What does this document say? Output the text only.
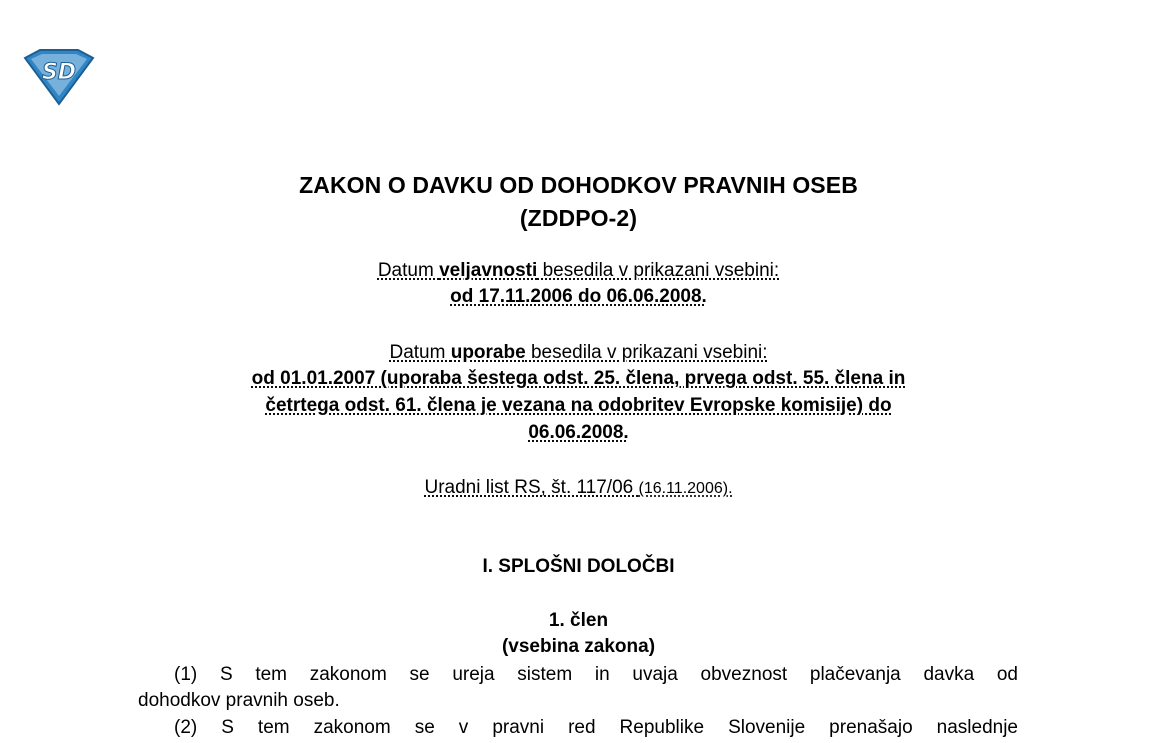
SD
ZAKON O DAVKU OD DOHODKOV PRAVNIH OSEB
(ZDDPO-2)
Datum veljavnosti besedila v prikazani vsebini:
od 17.11.2006 do 06.06.2008.
Datum uporabe besedila v prikazani vsebini:
od 01.01.2007 (uporaba šestega odst. 25. člena, prvega odst. 55. člena in
četrtega odst. 61. člena je vezana na odobritev Evropske komisije) do
06.06.2008.
Uradni list RS, št. 117/06 (16.11.2006).
I. SPLOŠNI DOLOČBI
1. člen
(vsebina zakona)
(1) S tem zakonom se ureja sistem in uvaja obveznost plačevanja davka od
dohodkov pravnih oseb.
(2) S tem zakonom se v pravni red Republike Slovenije prenašajo naslednje
